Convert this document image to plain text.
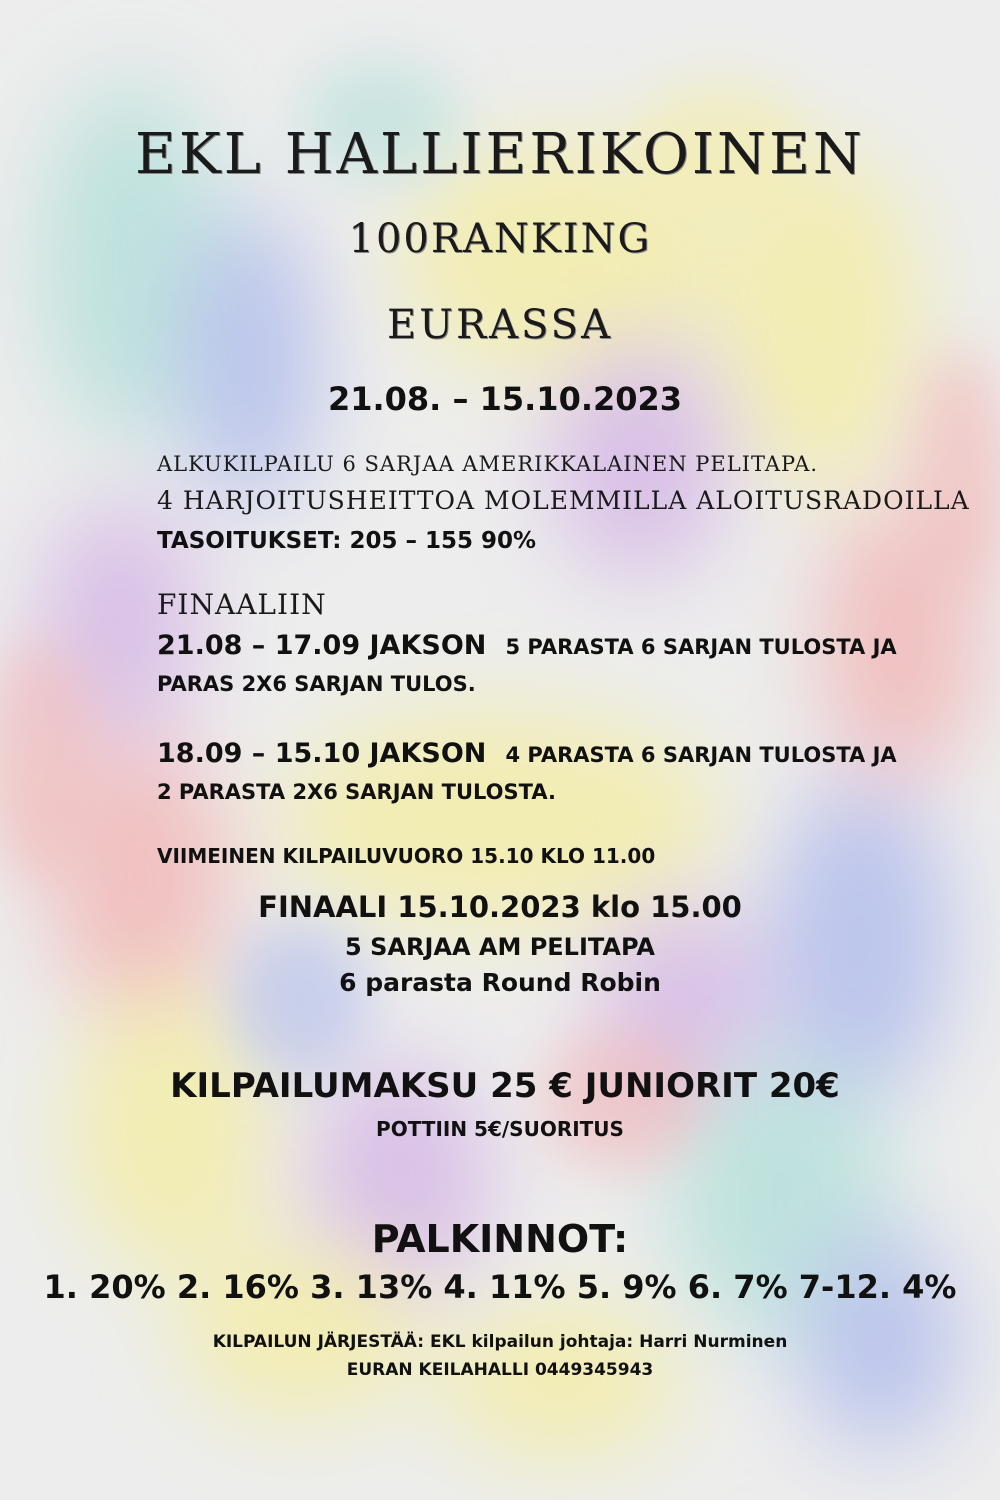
EKL HALLIERIKOINEN
100RANKING
EURASSA
21.08. – 15.10.2023
ALKUKILPAILU 6 SARJAA AMERIKKALAINEN PELITAPA.
4 HARJOITUSHEITTOA MOLEMMILLA ALOITUSRADOILLA
TASOITUKSET: 205 – 155 90%
FINAALIIN
21.08 – 17.09 JAKSON 5 PARASTA 6 SARJAN TULOSTA JA
PARAS 2X6 SARJAN TULOS.
18.09 – 15.10 JAKSON 4 PARASTA 6 SARJAN TULOSTA JA
2 PARASTA 2X6 SARJAN TULOSTA.
VIIMEINEN KILPAILUVUORO 15.10 KLO 11.00
FINAALI 15.10.2023 klo 15.00
5 SARJAA AM PELITAPA
6 parasta Round Robin
KILPAILUMAKSU 25 € JUNIORIT 20€
POTTIIN 5€/SUORITUS
PALKINNOT:
1. 20% 2. 16% 3. 13% 4. 11% 5. 9% 6. 7% 7-12. 4%
KILPAILUN JÄRJESTÄÄ: EKL kilpailun johtaja: Harri Nurminen
EURAN KEILAHALLI 0449345943
